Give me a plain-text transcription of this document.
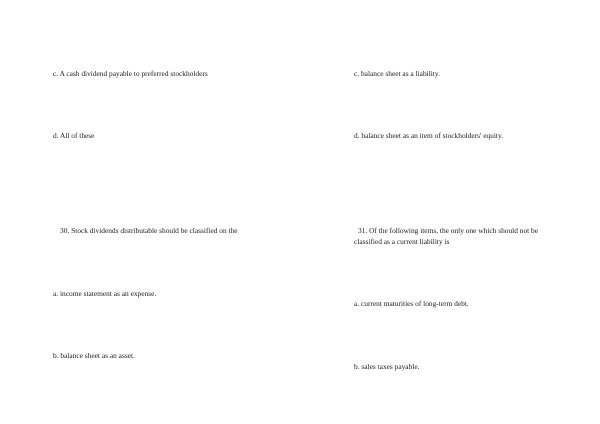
c. A cash dividend payable to preferred stockholders
d. All of these
30. Stock dividends distributable should be classified on the
a. income statement as an expense.
b. balance sheet as an asset.
c. balance sheet as a liability.
d. balance sheet as an item of stockholders' equity.
31. Of the following items, the only one which should not be
classified as a current liability is
a. current maturities of long-term debt.
b. sales taxes payable.
